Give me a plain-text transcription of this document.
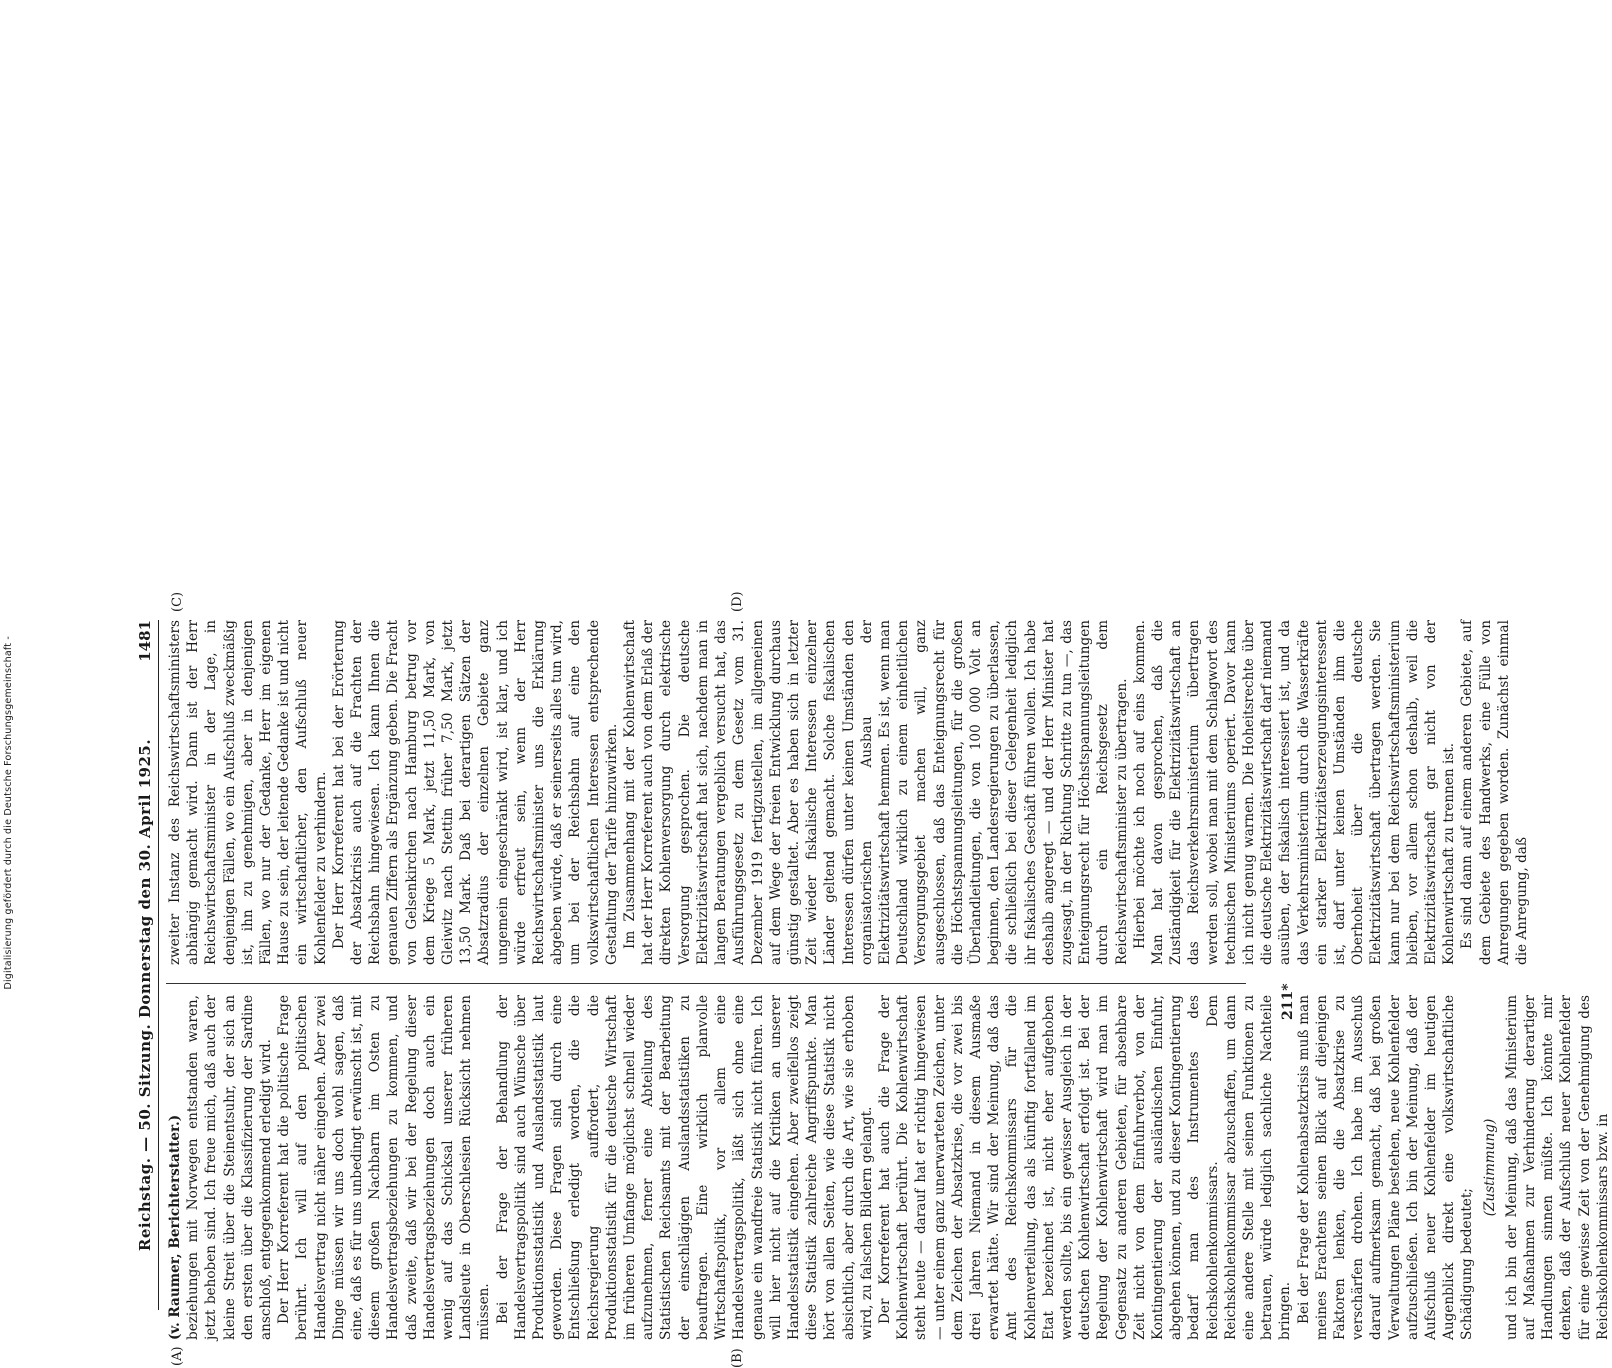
Digitalisierung gefördert durch die Deutsche Forschungsgemeinschaft -	Reichstag. — 50. Sitzung. Donnerstag den 30. April 1925.
1481
(A)	(B)
(C)	(D)

(v. Raumer, Berichterstatter.) beziehungen mit Norwegen entstanden waren, jetzt behoben sind. Ich freue mich, daß auch der kleine Streit über die Steinentsuhr, der sich an den ersten über die Klassifizierung der Sardine anschloß, entgegenkommend erledigt wird. Der Herr Korreferent hat die politische Frage berührt. Ich will auf den politischen Handelsvertrag nicht näher eingehen. Aber zwei Dinge müssen wir uns doch wohl sagen, daß eine, daß es für uns unbedingt erwünscht ist, mit diesem großen Nachbarn im Osten zu Handelsvertragsbeziehungen zu kommen, und daß zweite, daß wir bei der Regelung dieser Handelsvertragsbeziehungen doch auch ein wenig auf das Schicksal unserer früheren Landsleute in Oberschlesien Rücksicht nehmen müssen. Bei der Frage der Behandlung der Handelsvertragspolitik sind auch Wünsche über Produktionsstatistik und Auslandsstatistik laut geworden. Diese Fragen sind durch eine Entschließung erledigt worden, die die Reichsregierung auffordert, die Produktionsstatistik für die deutsche Wirtschaft im früheren Umfange möglichst schnell wieder aufzunehmen, ferner eine Abteilung des Statistischen Reichsamts mit der Bearbeitung der einschlägigen Auslandsstatistiken zu beauftragen. Eine wirklich planvolle Wirtschaftspolitik, vor allem eine Handelsvertragspolitik, läßt sich ohne eine genaue ein wandfreie Statistik nicht führen. Ich will hier nicht auf die Kritiken an unserer Handelsstatistik eingehen. Aber zweifellos zeigt diese Statistik zahlreiche Angriffspunkte. Man hört von allen Seiten, wie diese Statistik nicht absichtlich, aber durch die Art, wie sie erhoben wird, zu falschen Bildern gelangt. Der Korreferent hat auch die Frage der Kohlenwirtschaft berührt. Die Kohlenwirtschaft steht heute — darauf hat er richtig hingewiesen — unter einem ganz unerwarteten Zeichen, unter dem Zeichen der Absatzkrise, die vor zwei bis drei Jahren Niemand in diesem Ausmaße erwartet hätte. Wir sind der Meinung, daß das Amt des Reichskommissars für die Kohlenverteilung, das als künftig fortfallend im Etat bezeichnet ist, nicht eher aufgehoben werden sollte, bis ein gewisser Ausgleich in der deutschen Kohlenwirtschaft erfolgt ist. Bei der Regelung der Kohlenwirtschaft wird man im Gegensatz zu anderen Gebieten, für absehbare Zeit nicht von dem Einfuhrverbot, von der Kontingentierung der ausländischen Einfuhr, abgehen können, und zu dieser Kontingentierung bedarf man des Instrumentes des Reichskohlenkommissars. Dem Reichskohlenkommissar abzuschaffen, um dann eine andere Stelle mit seinen Funktionen zu betrauen, würde lediglich sachliche Nachteile bringen. Bei der Frage der Kohlenabsatzkrisis muß man meines Erachtens seinen Blick auf diejenigen Faktoren lenken, die die Absatzkrise zu verschärfen drohen. Ich habe im Ausschuß darauf aufmerksam gemacht, daß bei großen Verwaltungen Pläne bestehen, neue Kohlenfelder aufzuschließen. Ich bin der Meinung, daß der Aufschluß neuer Kohlenfelder im heutigen Augenblick direkt eine volkswirtschaftliche Schädigung bedeutet;

(Zustimmung) und ich bin der Meinung, daß das Ministerium auf Maßnahmen zur Verhinderung derartiger Handlungen sinnen müßte. Ich könnte mir denken, daß der Aufschluß neuer Kohlenfelder für eine gewisse Zeit von der Genehmigung des Reichskohlenkommissars bzw. in

zweiter Instanz des Reichswirtschaftsministers abhängig gemacht wird. Dann ist der Herr Reichswirtschaftsminister in der Lage, in denjenigen Fällen, wo ein Aufschluß zweckmäßig ist, ihn zu genehmigen, aber in denjenigen Fällen, wo nur der Gedanke, Herr im eigenen Hause zu sein, der leitende Gedanke ist und nicht ein wirtschaftlicher, den Aufschluß neuer Kohlenfelder zu verhindern. Der Herr Korreferent hat bei der Erörterung der Absatzkrisis auch auf die Frachten der Reichsbahn hingewiesen. Ich kann Ihnen die genauen Ziffern als Ergänzung geben. Die Fracht von Gelsenkirchen nach Hamburg betrug vor dem Kriege 5 Mark, jetzt 11,50 Mark, von Gleiwitz nach Stettin früher 7,50 Mark, jetzt 13,50 Mark. Daß bei derartigen Sätzen der Absatzradius der einzelnen Gebiete ganz ungemein eingeschränkt wird, ist klar, und ich würde erfreut sein, wenn der Herr Reichswirtschaftsminister uns die Erklärung abgeben würde, daß er seinerseits alles tun wird, um bei der Reichsbahn auf eine den volkswirtschaftlichen Interessen entsprechende Gestaltung der Tarife hinzuwirken. Im Zusammenhang mit der Kohlenwirtschaft hat der Herr Korreferent auch von dem Erlaß der direkten Kohlenversorgung durch elektrische Versorgung gesprochen. Die deutsche Elektrizitätswirtschaft hat sich, nachdem man in langen Beratungen vergeblich versucht hat, das Ausführungsgesetz zu dem Gesetz vom 31. Dezember 1919 fertigzustellen, im allgemeinen auf dem Wege der freien Entwicklung durchaus günstig gestaltet. Aber es haben sich in letzter Zeit wieder fiskalische Interessen einzelner Länder geltend gemacht. Solche fiskalischen Interessen dürfen unter keinen Umständen den organisatorischen Ausbau der Elektrizitätswirtschaft hemmen. Es ist, wenn man Deutschland wirklich zu einem einheitlichen Versorgungsgebiet machen will, ganz ausgeschlossen, daß das Enteignungsrecht für die Höchstspannungsleitungen, für die großen Überlandleitungen, die von 100 000 Volt an beginnen, den Landesregierungen zu überlassen, die schließlich bei dieser Gelegenheit lediglich ihr fiskalisches Geschäft führen wollen. Ich habe deshalb angeregt — und der Herr Minister hat zugesagt, in der Richtung Schritte zu tun —, das Enteignungsrecht für Höchstspannungsleitungen durch ein Reichsgesetz dem Reichswirtschaftsminister zu übertragen. Hierbei möchte ich noch auf eins kommen. Man hat davon gesprochen, daß die Zuständigkeit für die Elektrizitätswirtschaft an das Reichsverkehrsministerium übertragen werden soll, wobei man mit dem Schlagwort des technischen Ministeriums operiert. Davor kann ich nicht genug warnen. Die Hoheitsrechte über die deutsche Elektrizitätswirtschaft darf niemand ausüben, der fiskalisch interessiert ist, und da das Verkehrsministerium durch die Wasserkräfte ein starker Elektrizitätserzeugungsinteressent ist, darf unter keinen Umständen ihm die Oberhoheit über die deutsche Elektrizitätswirtschaft übertragen werden. Sie kann nur bei dem Reichswirtschaftsministerium bleiben, vor allem schon deshalb, weil die Elektrizitätswirtschaft gar nicht von der Kohlenwirtschaft zu trennen ist. Es sind dann auf einem anderen Gebiete, auf dem Gebiete des Handwerks, eine Fülle von Anregungen gegeben worden. Zunächst einmal die Anregung, daß

211*
